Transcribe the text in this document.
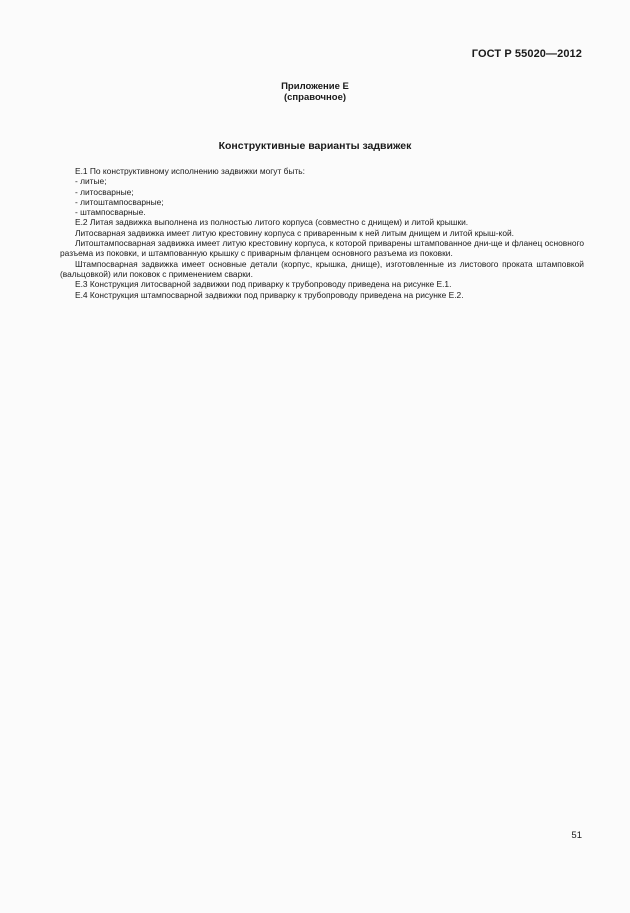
ГОСТ Р 55020—2012
Приложение Е
(справочное)
Конструктивные варианты задвижек

Е.1 По конструктивному исполнению задвижки могут быть:

- литые;

- литосварные;

- литоштампосварные;

- штампосварные.

Е.2 Литая задвижка выполнена из полностью литого корпуса (совместно с днищем) и литой крышки.

Литосварная задвижка имеет литую крестовину корпуса с приваренным к ней литым днищем и литой крыш-кой.

Литоштампосварная задвижка имеет литую крестовину корпуса, к которой приварены штампованное дни-ще и фланец основного разъема из поковки, и штампованную крышку с приварным фланцем основного разъема из поковки.

Штампосварная задвижка имеет основные детали (корпус, крышка, днище), изготовленные из листового проката штамповкой (вальцовкой) или поковок с применением сварки.

Е.3 Конструкция литосварной задвижки под приварку к трубопроводу приведена на рисунке Е.1.

Е.4 Конструкция штампосварной задвижки под приварку к трубопроводу приведена на рисунке Е.2.

51
